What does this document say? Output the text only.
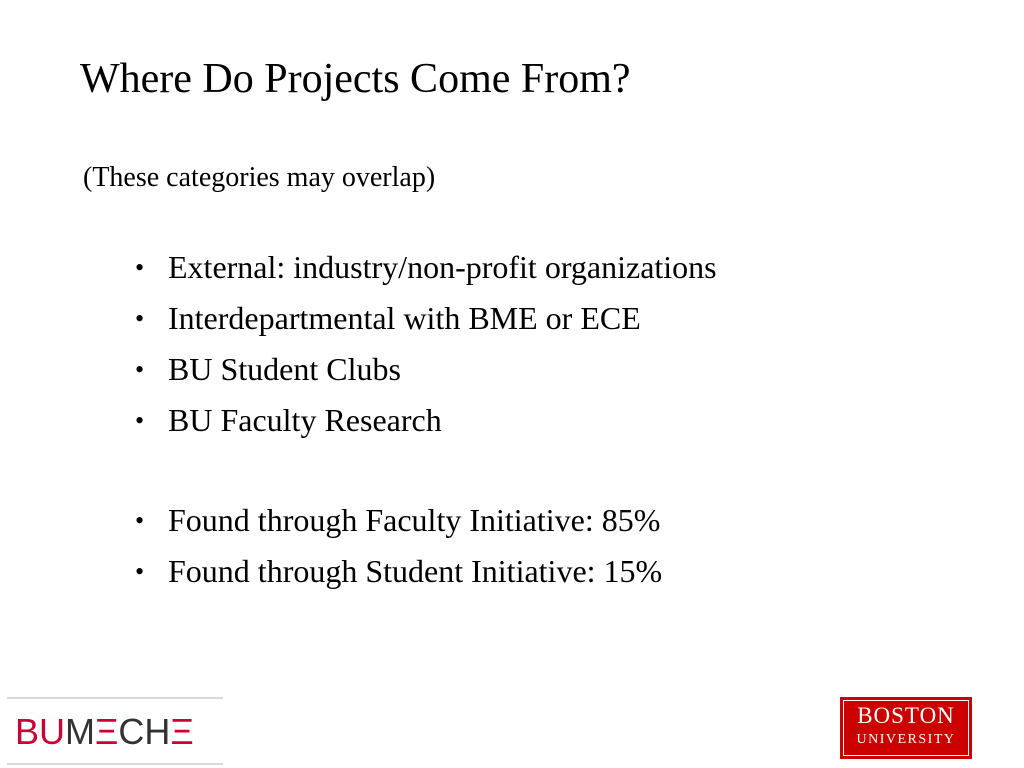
Where Do Projects Come From?
(These categories may overlap)
• External: industry/non-profit organizations
• Interdepartmental with BME or ECE
• BU Student Clubs
• BU Faculty Research
• Found through Faculty Initiative: 85%
• Found through Student Initiative: 15%
BUMΞCHΞ	BOSTON
UNIVERSITY
